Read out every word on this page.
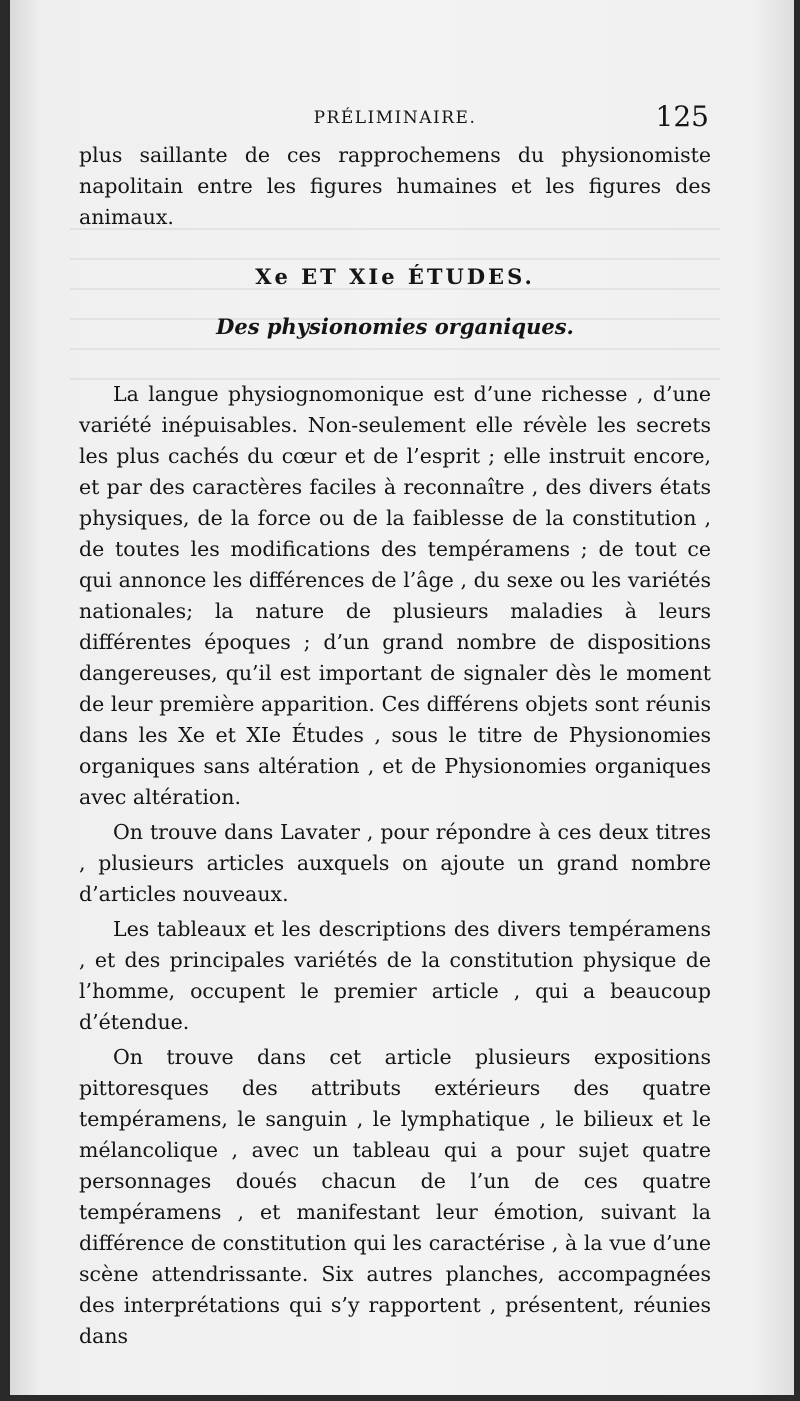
PRÉLIMINAIRE.	125

plus saillante de ces rapprochemens du physionomiste napolitain entre les figures humaines et les figures des animaux.

Xe ET XIe ÉTUDES.
Des physionomies organiques.

La langue physiognomonique est d’une richesse , d’une variété inépuisables. Non-seulement elle révèle les secrets les plus cachés du cœur et de l’esprit ; elle instruit encore, et par des caractères faciles à reconnaître , des divers états physiques, de la force ou de la faiblesse de la constitution , de toutes les modifications des tempéramens ; de tout ce qui annonce les différences de l’âge , du sexe ou les variétés nationales; la nature de plusieurs maladies à leurs différentes époques ; d’un grand nombre de dispositions dangereuses, qu’il est important de signaler dès le moment de leur première apparition. Ces différens objets sont réunis dans les Xe et XIe Études , sous le titre de Physionomies organiques sans altération , et de Physionomies organiques avec altération.

On trouve dans Lavater , pour répondre à ces deux titres , plusieurs articles auxquels on ajoute un grand nombre d’articles nouveaux.

Les tableaux et les descriptions des divers tempéramens , et des principales variétés de la constitution physique de l’homme, occupent le premier article , qui a beaucoup d’étendue.

On trouve dans cet article plusieurs expositions pittoresques des attributs extérieurs des quatre tempéramens, le sanguin , le lymphatique , le bilieux et le mélancolique , avec un tableau qui a pour sujet quatre personnages doués chacun de l’un de ces quatre tempéramens , et manifestant leur émotion, suivant la différence de constitution qui les caractérise , à la vue d’une scène attendrissante. Six autres planches, accompagnées des interprétations qui s’y rapportent , présentent, réunies dans
